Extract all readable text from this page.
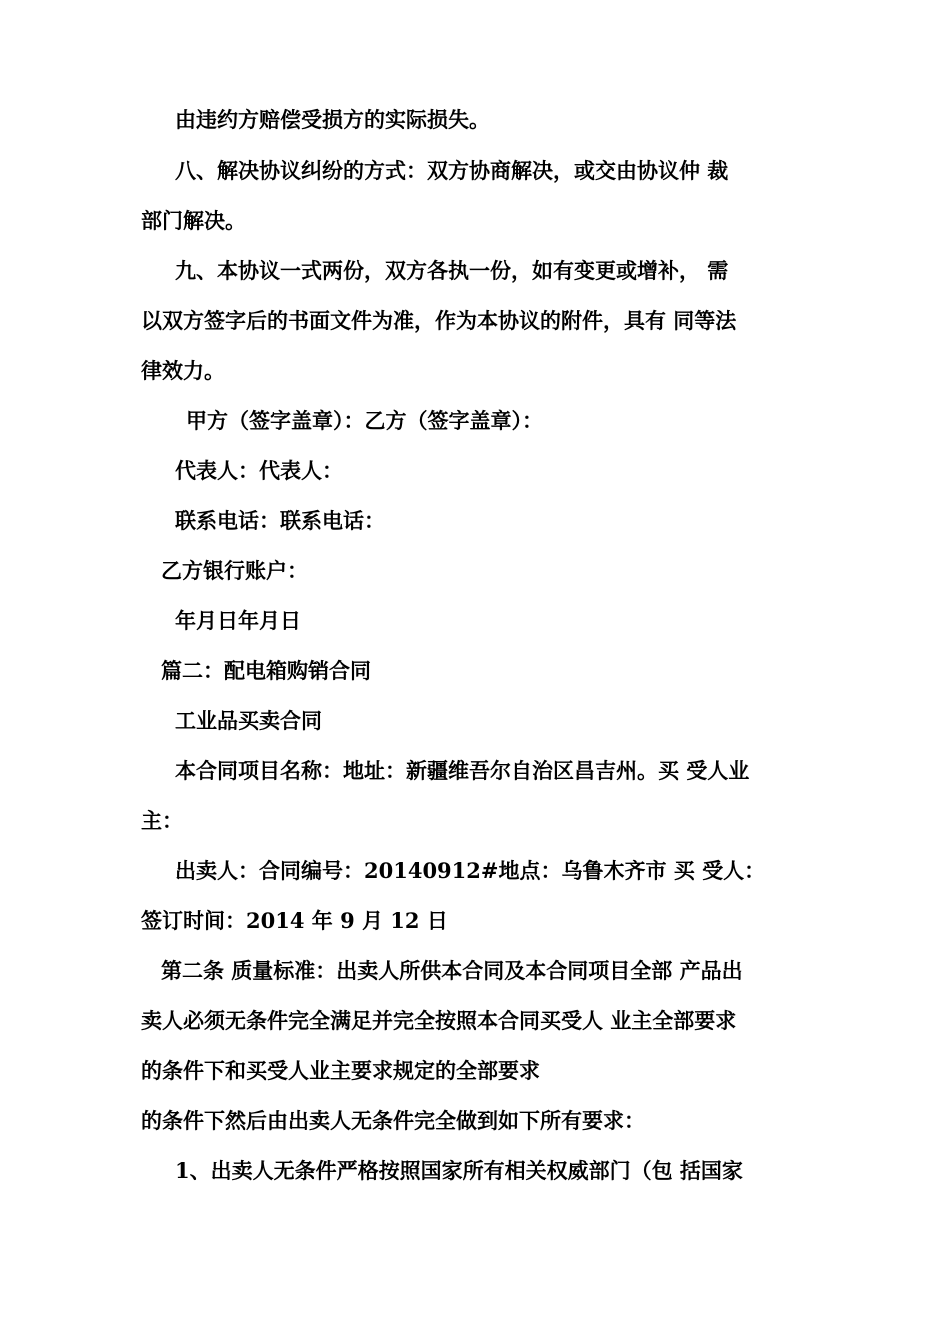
由违约方赔偿受损方的实际损失。
八、解决协议纠纷的方式：双方协商解决，或交由协议仲 裁
部门解决。
九、本协议一式两份，双方各执一份，如有变更或增补， 需
以双方签字后的书面文件为准，作为本协议的附件，具有 同等法
律效力。
甲方（签字盖章）：乙方（签字盖章）：
代表人：代表人：
联系电话：联系电话：
乙方银行账户：
年月日年月日
篇二：配电箱购销合同
工业品买卖合同
本合同项目名称：地址：新疆维吾尔自治区昌吉州。买 受人业
主：
出卖人：合同编号：20140912#地点：乌鲁木齐市 买 受人：
签订时间：2014 年 9 月 12 日
第二条 质量标准：出卖人所供本合同及本合同项目全部 产品出
卖人必须无条件完全满足并完全按照本合同买受人 业主全部要求
的条件下和买受人业主要求规定的全部要求
的条件下然后由出卖人无条件完全做到如下所有要求：
1、出卖人无条件严格按照国家所有相关权威部门（包 括国家
